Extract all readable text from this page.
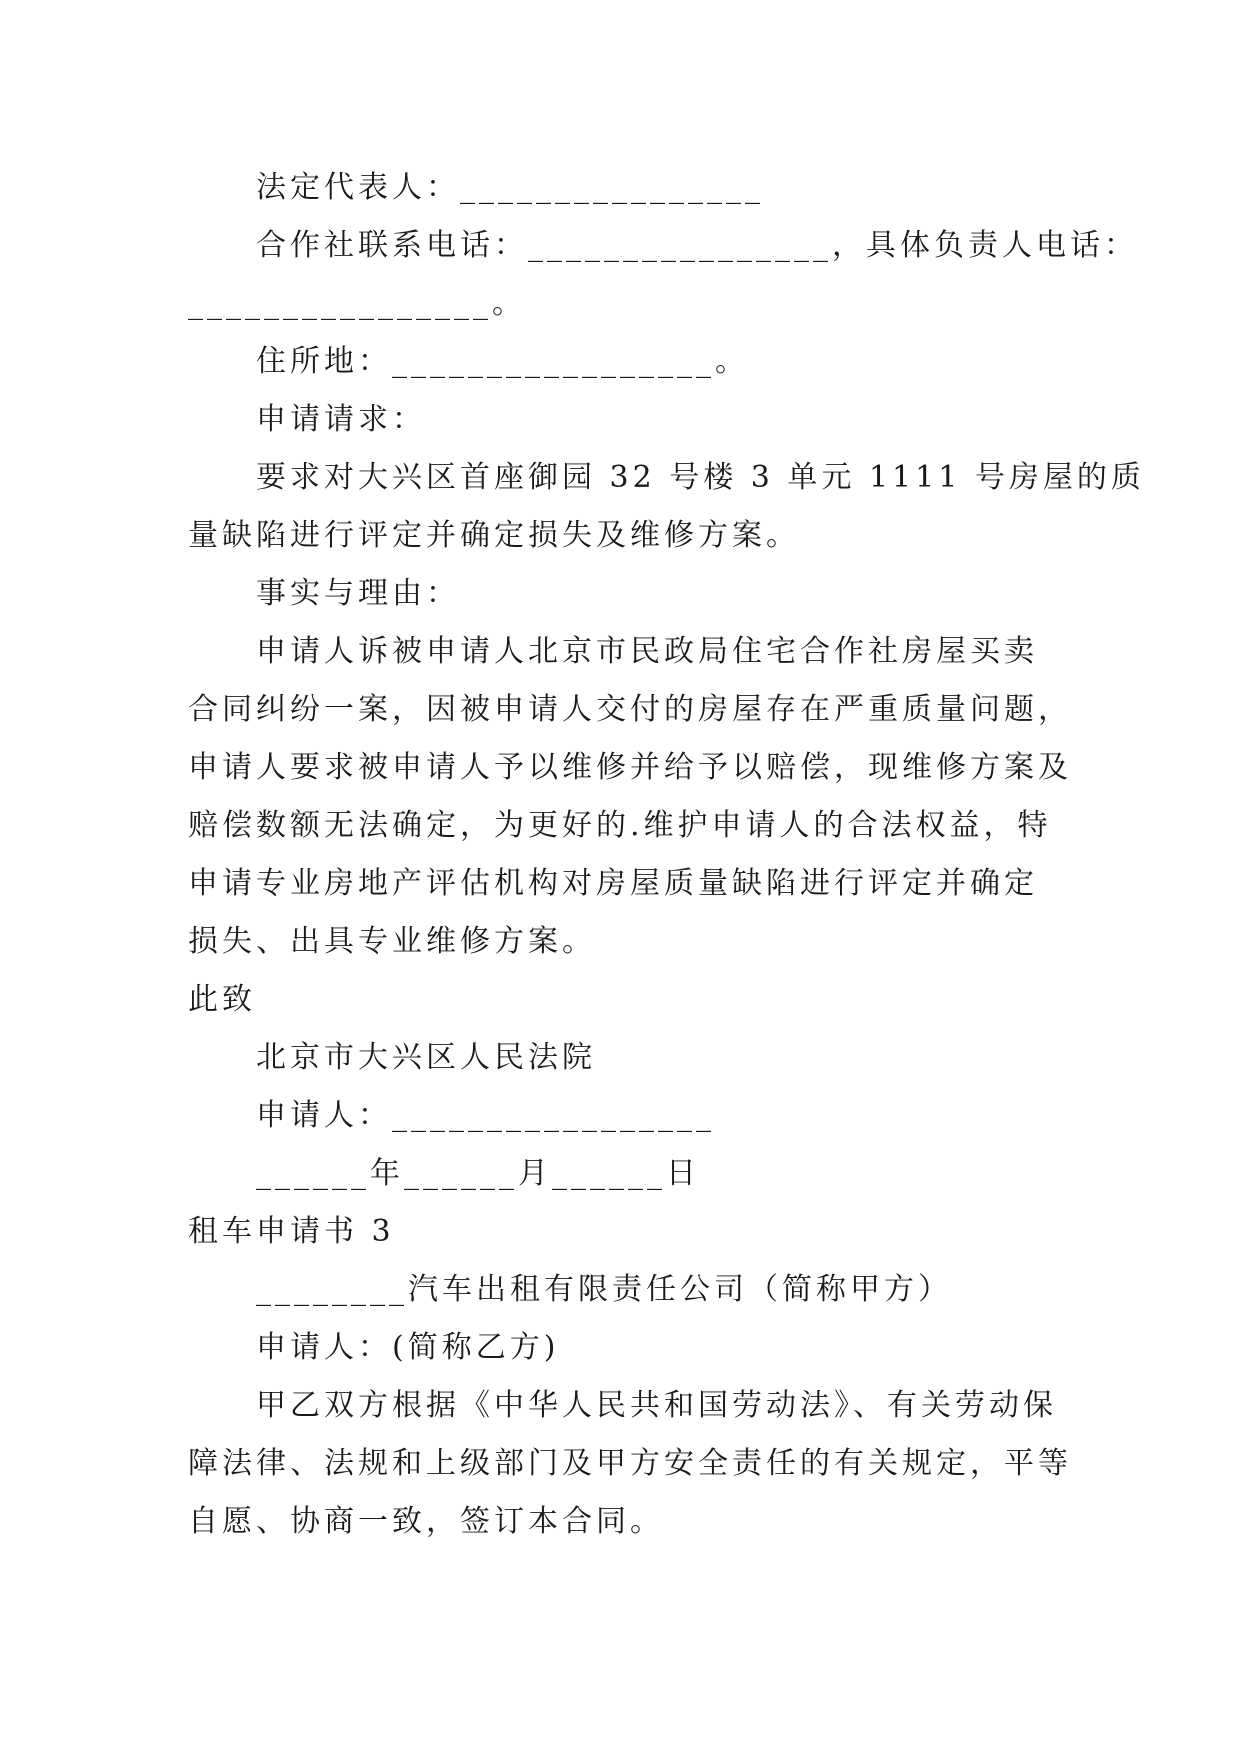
法定代表人：________________
合作社联系电话：________________，具体负责人电话：
________________。
住所地：_________________。
申请请求：
要求对大兴区首座御园 32 号楼 3 单元 1111 号房屋的质
量缺陷进行评定并确定损失及维修方案。
事实与理由：
申请人诉被申请人北京市民政局住宅合作社房屋买卖
合同纠纷一案，因被申请人交付的房屋存在严重质量问题，
申请人要求被申请人予以维修并给予以赔偿，现维修方案及
赔偿数额无法确定，为更好的.维护申请人的合法权益，特
申请专业房地产评估机构对房屋质量缺陷进行评定并确定
损失、出具专业维修方案。
此致
北京市大兴区人民法院
申请人：_________________
______年______月______日
租车申请书 3
________汽车出租有限责任公司（简称甲方）
申请人：(简称乙方)
甲乙双方根据《中华人民共和国劳动法》、有关劳动保
障法律、法规和上级部门及甲方安全责任的有关规定，平等
自愿、协商一致，签订本合同。
